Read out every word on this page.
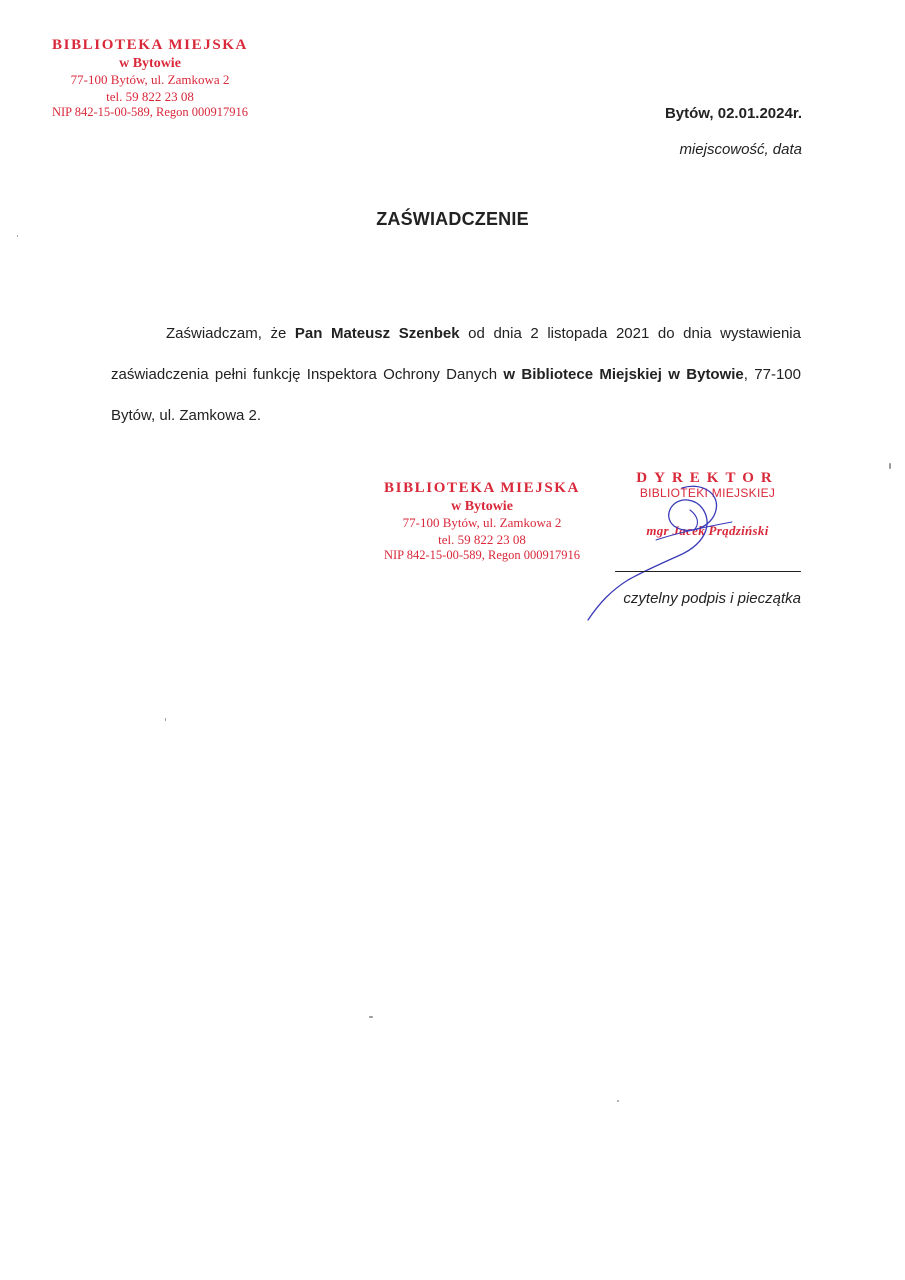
BIBLIOTEKA MIEJSKA
w Bytowie
77-100 Bytów, ul. Zamkowa 2
tel. 59 822 23 08
NIP 842-15-00-589, Regon 000917916	Bytów, 02.01.2024r.
miejscowość, data
ZAŚWIADCZENIE
Zaświadczam, że Pan Mateusz Szenbek od dnia 2 listopada 2021 do dnia wystawienia zaświadczenia pełni funkcję Inspektora Ochrony Danych w Bibliotece Miejskiej w Bytowie, 77-100 Bytów, ul. Zamkowa 2.
BIBLIOTEKA MIEJSKA
w Bytowie
77-100 Bytów, ul. Zamkowa 2
tel. 59 822 23 08
NIP 842-15-00-589, Regon 000917916
DYREKTOR
BIBLIOTEKI MIEJSKIEJ
mgr Jacek Prądziński
czytelny podpis i pieczątka
